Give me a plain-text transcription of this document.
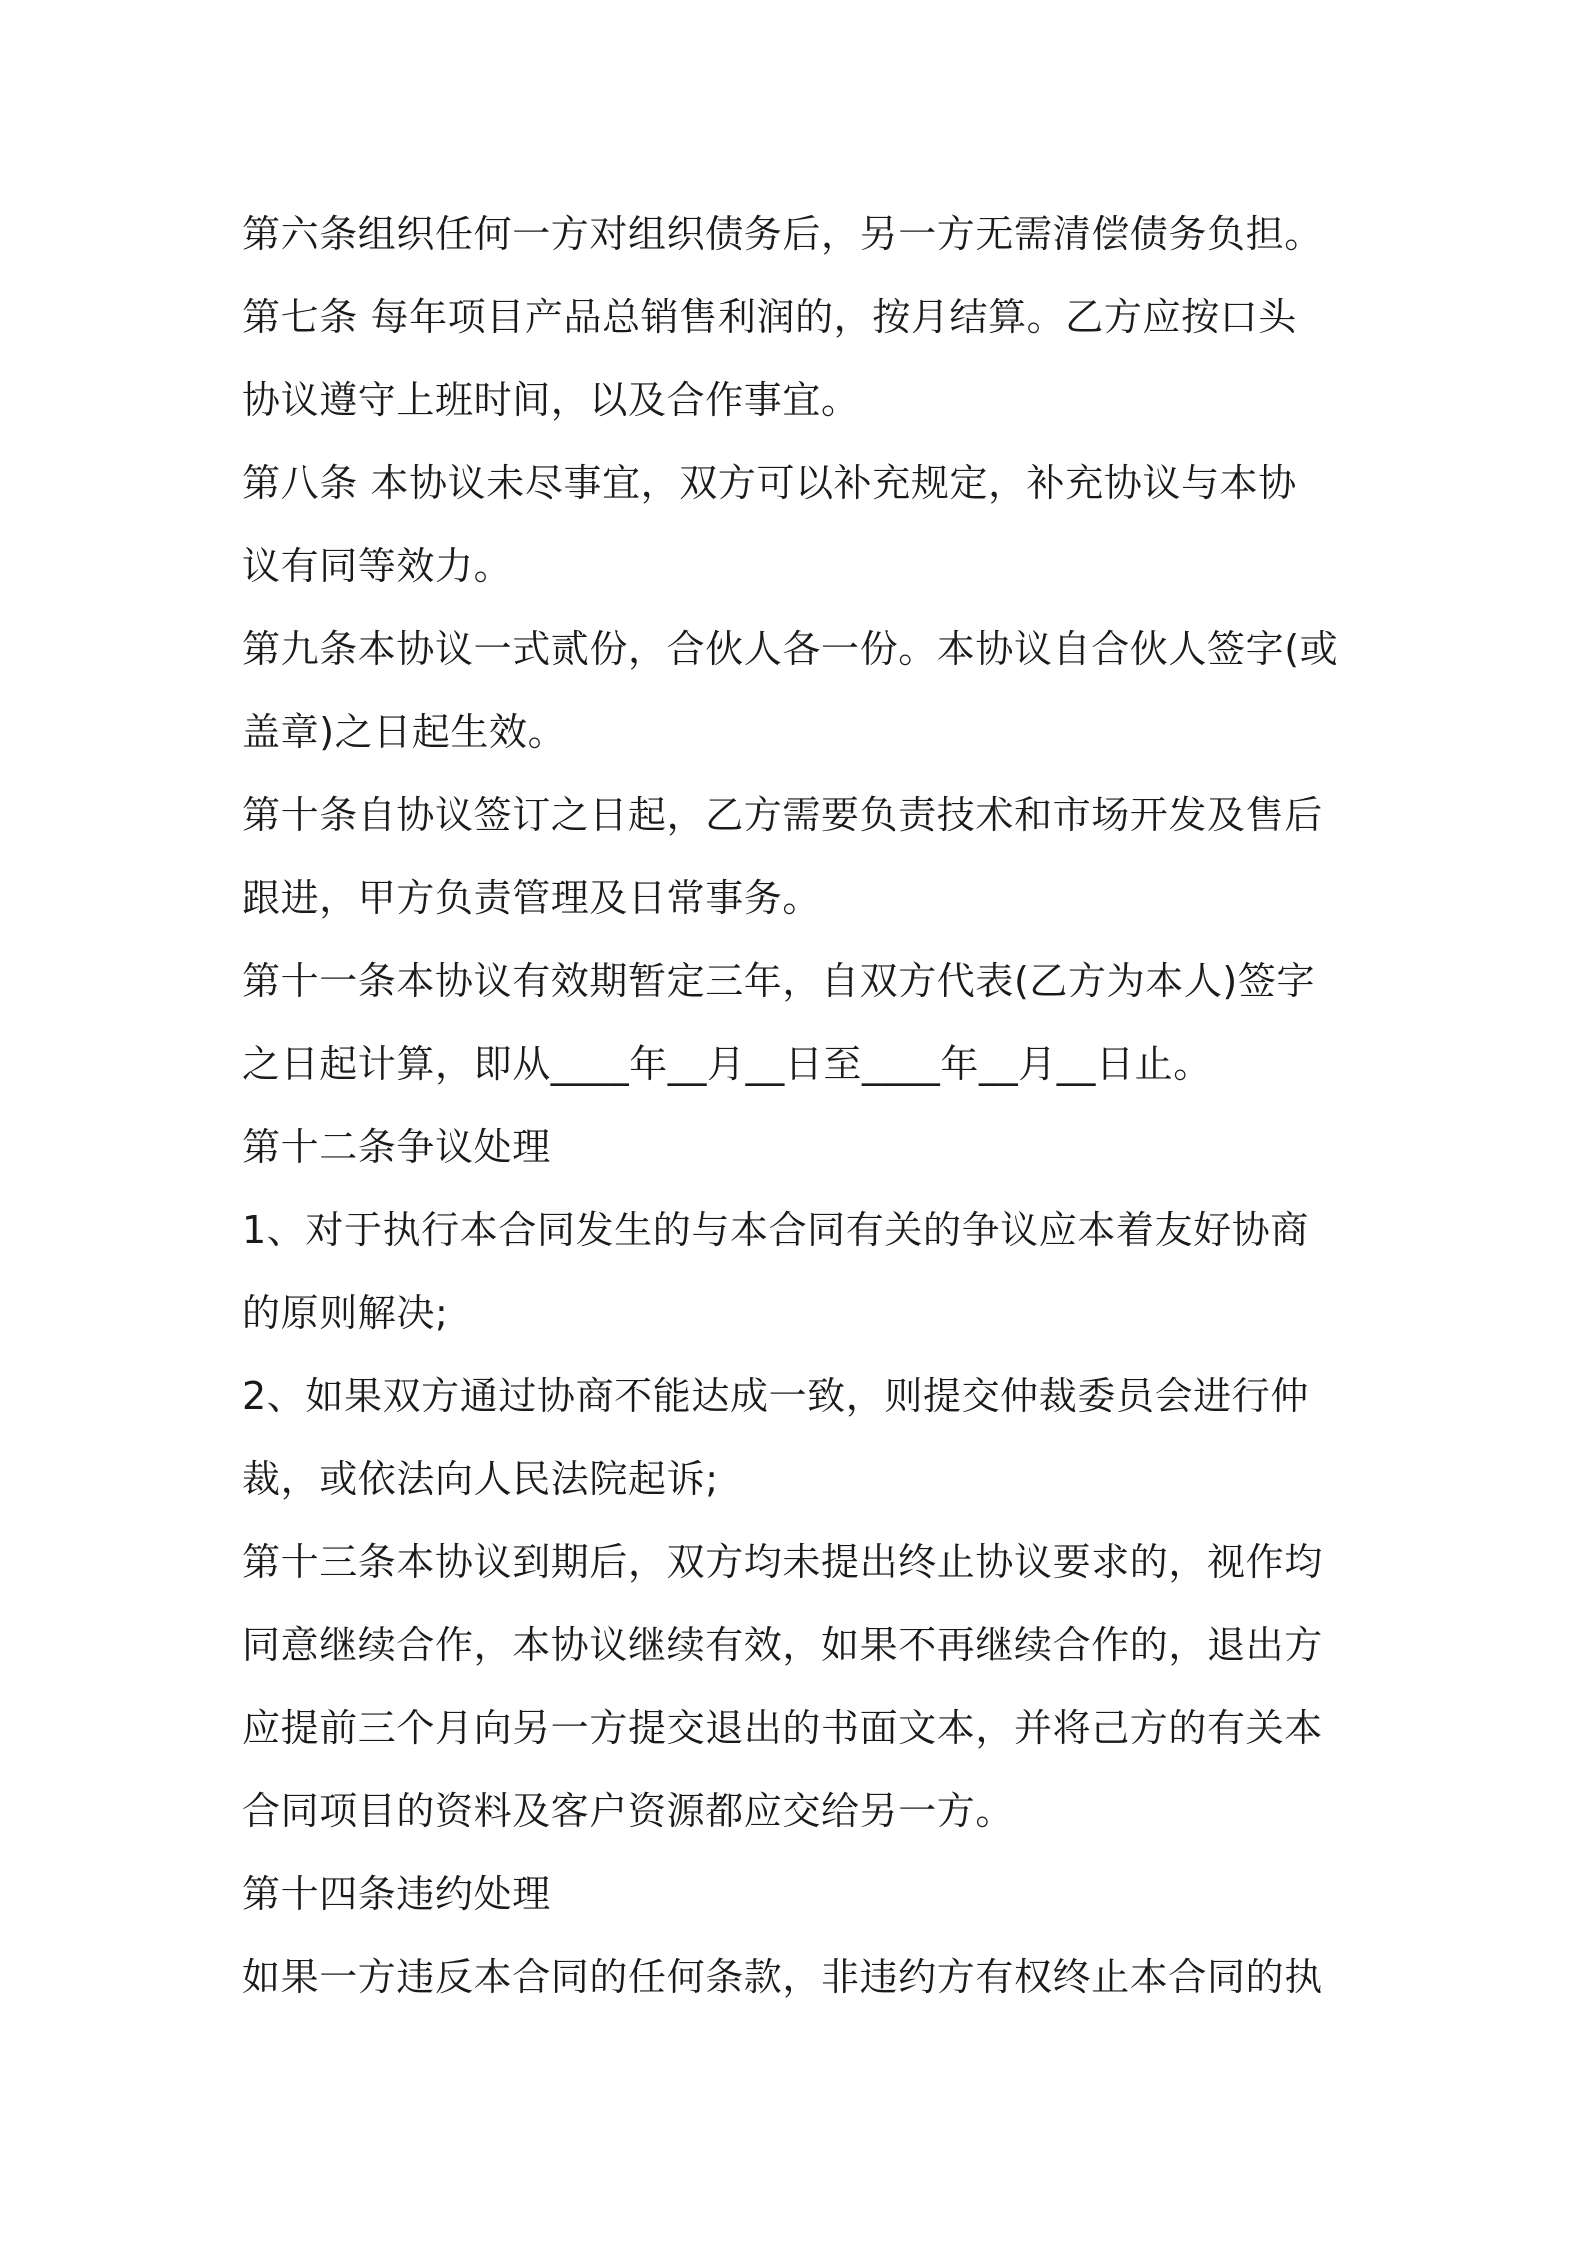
第六条组织任何一方对组织债务后，另一方无需清偿债务负担。
第七条 每年项目产品总销售利润的，按月结算。乙方应按口头
协议遵守上班时间，以及合作事宜。
第八条 本协议未尽事宜，双方可以补充规定，补充协议与本协
议有同等效力。
第九条本协议一式贰份，合伙人各一份。本协议自合伙人签字(或
盖章)之日起生效。
第十条自协议签订之日起，乙方需要负责技术和市场开发及售后
跟进，甲方负责管理及日常事务。
第十一条本协议有效期暂定三年，自双方代表(乙方为本人)签字
之日起计算，即从____年__月__日至____年__月__日止。
第十二条争议处理
1、对于执行本合同发生的与本合同有关的争议应本着友好协商
的原则解决;
2、如果双方通过协商不能达成一致，则提交仲裁委员会进行仲
裁，或依法向人民法院起诉;
第十三条本协议到期后，双方均未提出终止协议要求的，视作均
同意继续合作，本协议继续有效，如果不再继续合作的，退出方
应提前三个月向另一方提交退出的书面文本，并将己方的有关本
合同项目的资料及客户资源都应交给另一方。
第十四条违约处理
如果一方违反本合同的任何条款，非违约方有权终止本合同的执
